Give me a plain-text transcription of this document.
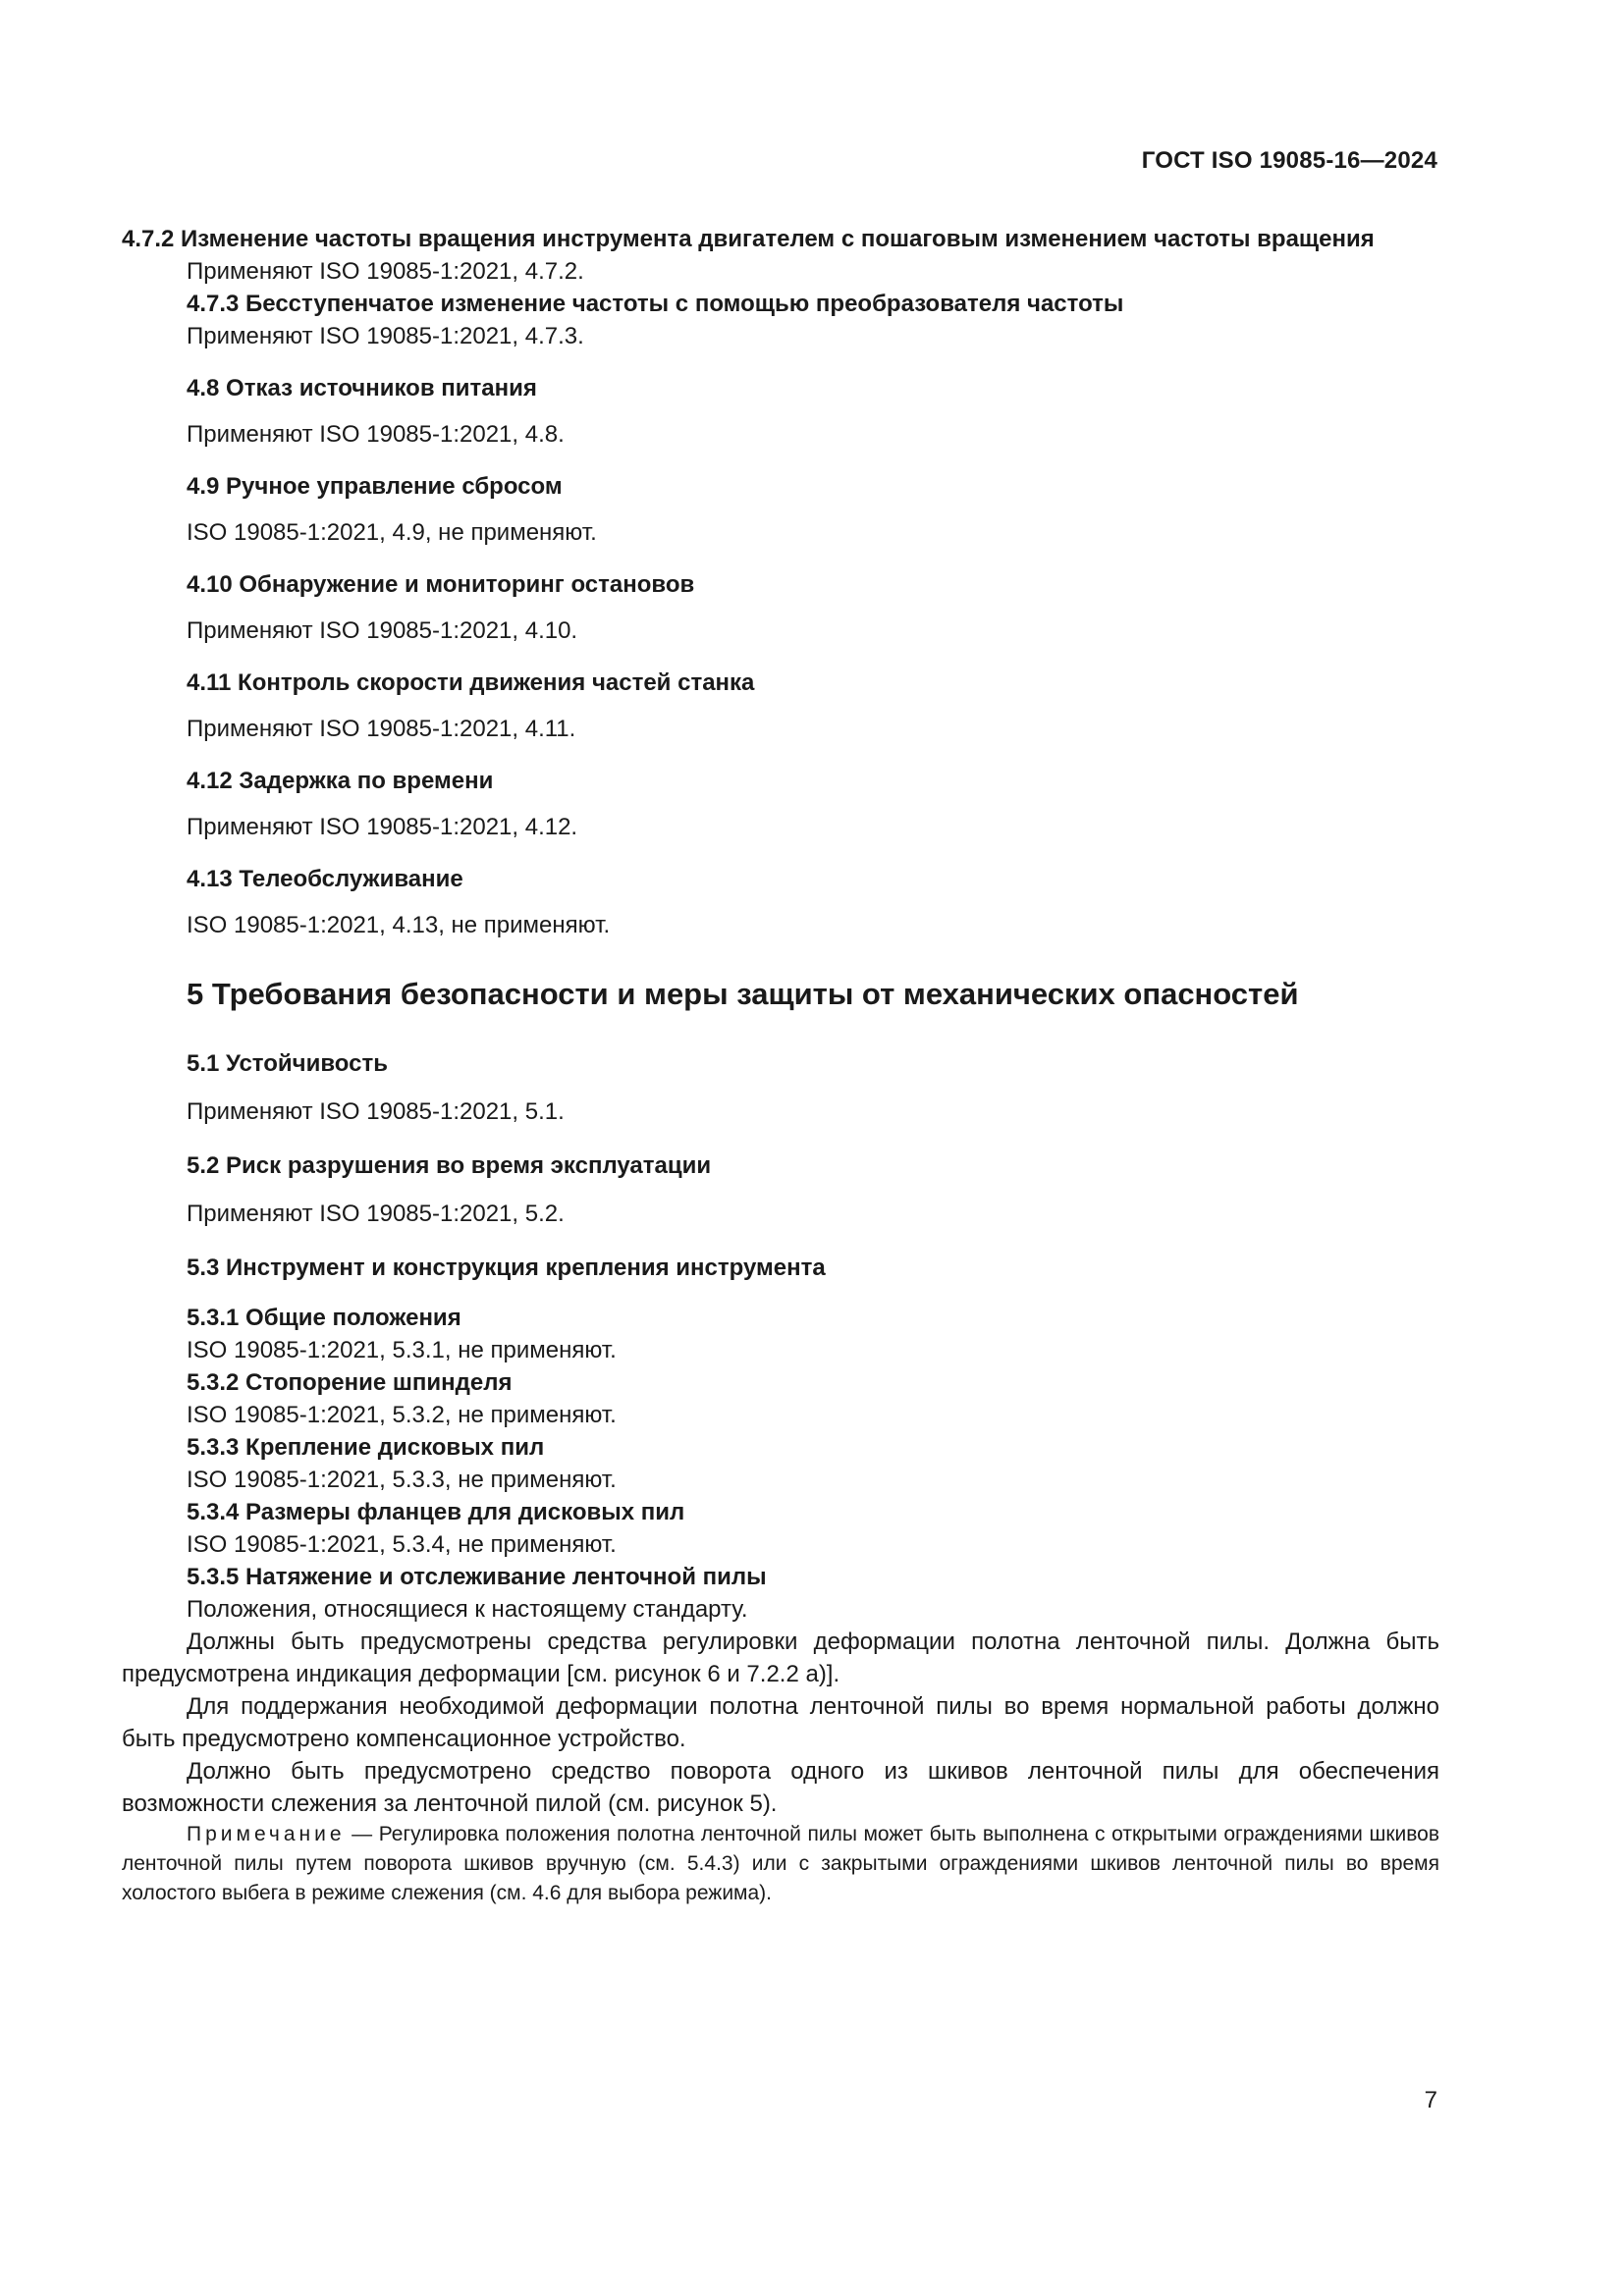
ГОСТ ISO 19085-16—2024

4.7.2 Изменение частоты вращения инструмента двигателем с пошаговым изменением частоты вращения

Применяют ISO 19085-1:2021, 4.7.2.

4.7.3 Бесступенчатое изменение частоты с помощью преобразователя частоты

Применяют ISO 19085-1:2021, 4.7.3.

4.8 Отказ источников питания

Применяют ISO 19085-1:2021, 4.8.

4.9 Ручное управление сбросом

ISO 19085-1:2021, 4.9, не применяют.

4.10 Обнаружение и мониторинг остановов

Применяют ISO 19085-1:2021, 4.10.

4.11 Контроль скорости движения частей станка

Применяют ISO 19085-1:2021, 4.11.

4.12 Задержка по времени

Применяют ISO 19085-1:2021, 4.12.

4.13 Телеобслуживание

ISO 19085-1:2021, 4.13, не применяют.

5 Требования безопасности и меры защиты от механических опасностей

5.1 Устойчивость

Применяют ISO 19085-1:2021, 5.1.

5.2 Риск разрушения во время эксплуатации

Применяют ISO 19085-1:2021, 5.2.

5.3 Инструмент и конструкция крепления инструмента

5.3.1 Общие положения

ISO 19085-1:2021, 5.3.1, не применяют.

5.3.2 Стопорение шпинделя

ISO 19085-1:2021, 5.3.2, не применяют.

5.3.3 Крепление дисковых пил

ISO 19085-1:2021, 5.3.3, не применяют.

5.3.4 Размеры фланцев для дисковых пил

ISO 19085-1:2021, 5.3.4, не применяют.

5.3.5 Натяжение и отслеживание ленточной пилы

Положения, относящиеся к настоящему стандарту.

Должны быть предусмотрены средства регулировки деформации полотна ленточной пилы. Должна быть предусмотрена индикация деформации [см. рисунок 6 и 7.2.2 а)].

Для поддержания необходимой деформации полотна ленточной пилы во время нормальной работы должно быть предусмотрено компенсационное устройство.

Должно быть предусмотрено средство поворота одного из шкивов ленточной пилы для обеспечения возможности слежения за ленточной пилой (см. рисунок 5).

Примечание — Регулировка положения полотна ленточной пилы может быть выполнена с открытыми ограждениями шкивов ленточной пилы путем поворота шкивов вручную (см. 5.4.3) или с закрытыми ограждениями шкивов ленточной пилы во время холостого выбега в режиме слежения (см. 4.6 для выбора режима).

7
